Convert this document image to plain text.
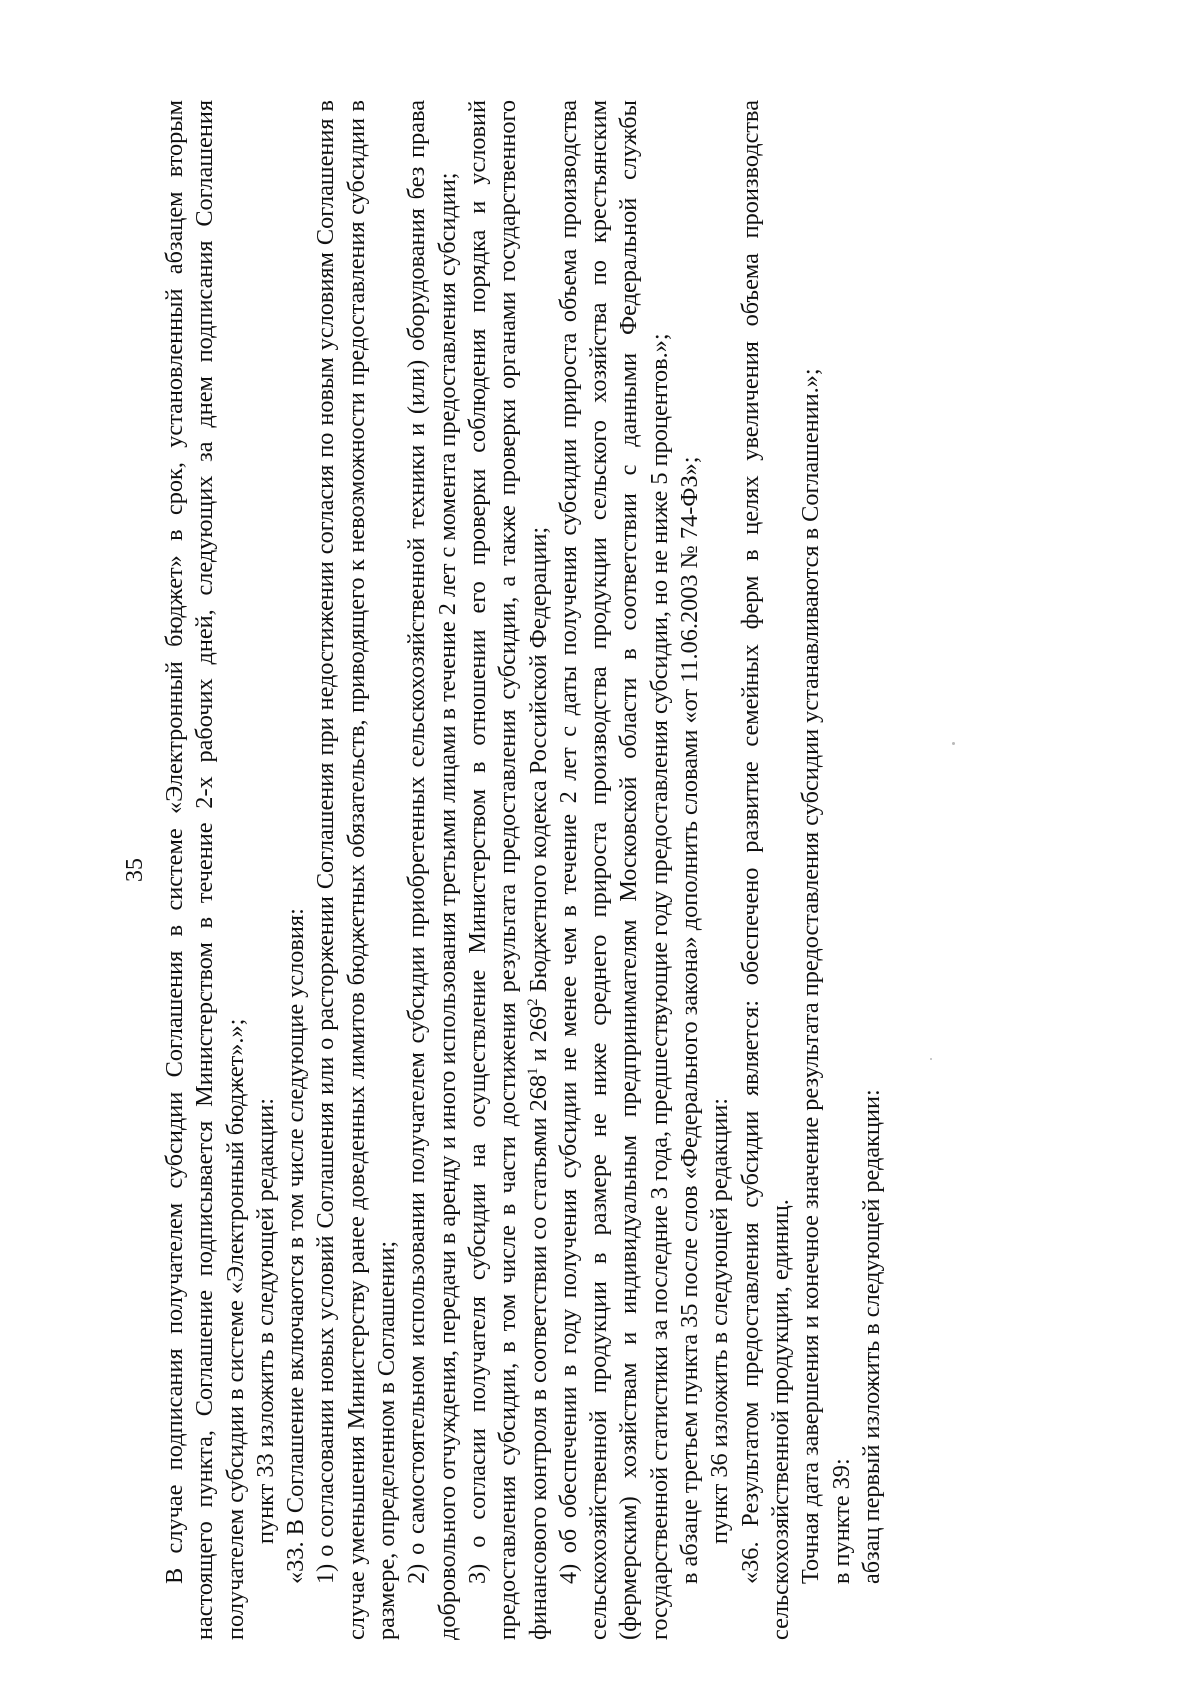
35 В случае подписания получателем субсидии Соглашения в системе «Электронный бюджет» в срок, установленный абзацем вторым настоящего пункта, Соглашение подписывается Министерством в течение 2-х рабочих дней, следующих за днем подписания Соглашения получателем субсидии в системе «Электронный бюджет».»; пункт 33 изложить в следующей редакции: «33. В Соглашение включаются в том числе следующие условия: 1) о согласовании новых условий Соглашения или о расторжении Соглашения при недостижении согласия по новым условиям Соглашения в случае уменьшения Министерству ранее доведенных лимитов бюджетных обязательств, приводящего к невозможности предоставления субсидии в размере, определенном в Соглашении; 2) о самостоятельном использовании получателем субсидии приобретенных сельскохозяйственной техники и (или) оборудования без права добровольного отчуждения, передачи в аренду и иного использования третьими лицами в течение 2 лет с момента предоставления субсидии; 3) о согласии получателя субсидии на осуществление Министерством в отношении его проверки соблюдения порядка и условий предоставления субсидии, в том числе в части достижения результата предоставления субсидии, а также проверки органами государственного финансового контроля в соответствии со статьями $268^1$ и $269^2$ Бюджетного кодекса Российской Федерации; 4) об обеспечении в году получения субсидии не менее чем в течение 2 лет с даты получения субсидии прироста объема производства сельскохозяйственной продукции в размере не ниже среднего прироста производства продукции сельского хозяйства по крестьянским (фермерским) хозяйствам и индивидуальным предпринимателям Московской области в соответствии с данными Федеральной службы государственной статистики за последние 3 года, предшествующие году предоставления субсидии, но не ниже 5 процентов.»; в абзаце третьем пункта 35 после слов «Федерального закона» дополнить словами «от 11.06.2003 № 74-ФЗ»; пункт 36 изложить в следующей редакции: «36. Результатом предоставления субсидии является: обеспечено развитие семейных ферм в целях увеличения объема производства сельскохозяйственной продукции, единиц. Точная дата завершения и конечное значение результата предоставления субсидии устанавливаются в Соглашении.»; в пункте 39: абзац первый изложить в следующей редакции:
